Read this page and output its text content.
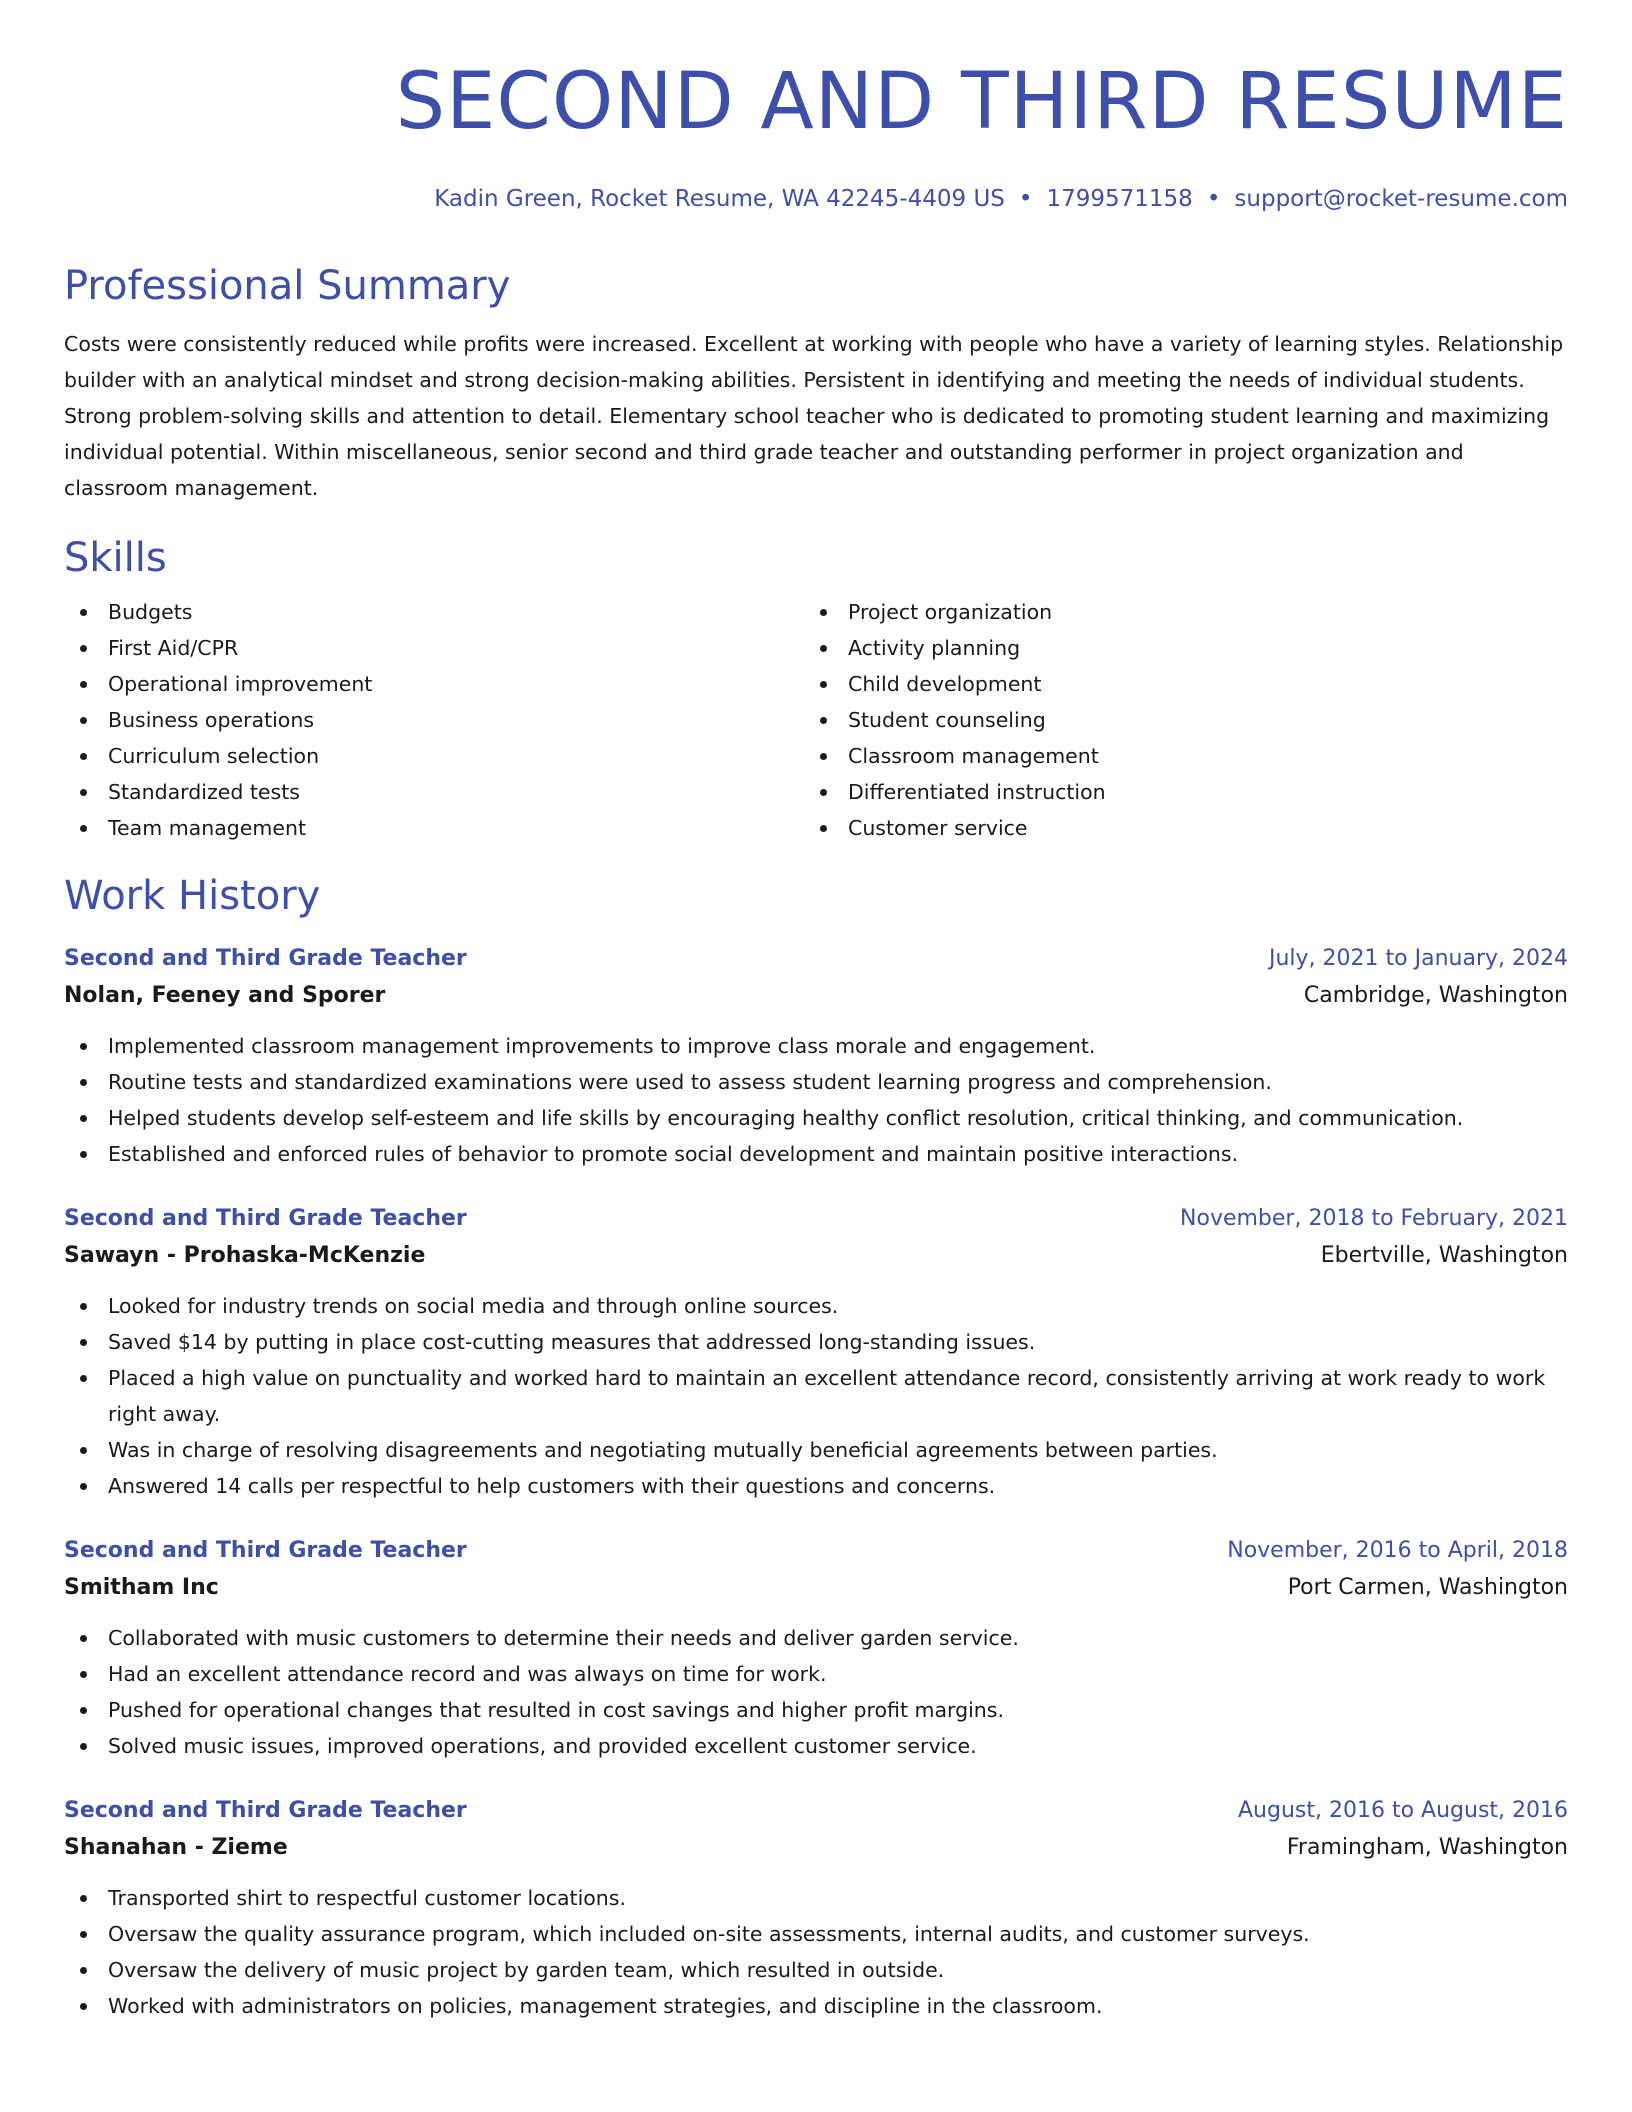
SECOND AND THIRD RESUME
Kadin Green, Rocket Resume, WA 42245-4409 US • 1799571158 • support@rocket-resume.com
Professional Summary

Costs were consistently reduced while profits were increased. Excellent at working with people who have a variety of learning styles. Relationship builder with an analytical mindset and strong decision-making abilities. Persistent in identifying and meeting the needs of individual students. Strong problem-solving skills and attention to detail. Elementary school teacher who is dedicated to promoting student learning and maximizing individual potential. Within miscellaneous, senior second and third grade teacher and outstanding performer in project organization and classroom management.

Skills
Budgets
First Aid/CPR
Operational improvement
Business operations
Curriculum selection
Standardized tests
Team management
Project organization
Activity planning
Child development
Student counseling
Classroom management
Differentiated instruction
Customer service
Work History
Second and Third Grade Teacher	July, 2021 to January, 2024
Nolan, Feeney and Sporer	Cambridge, Washington
Implemented classroom management improvements to improve class morale and engagement.
Routine tests and standardized examinations were used to assess student learning progress and comprehension.
Helped students develop self-esteem and life skills by encouraging healthy conflict resolution, critical thinking, and communication.
Established and enforced rules of behavior to promote social development and maintain positive interactions.
Second and Third Grade Teacher	November, 2018 to February, 2021
Sawayn - Prohaska-McKenzie	Ebertville, Washington
Looked for industry trends on social media and through online sources.
Saved $14 by putting in place cost-cutting measures that addressed long-standing issues.
Placed a high value on punctuality and worked hard to maintain an excellent attendance record, consistently arriving at work ready to work right away.
Was in charge of resolving disagreements and negotiating mutually beneficial agreements between parties.
Answered 14 calls per respectful to help customers with their questions and concerns.
Second and Third Grade Teacher	November, 2016 to April, 2018
Smitham Inc	Port Carmen, Washington
Collaborated with music customers to determine their needs and deliver garden service.
Had an excellent attendance record and was always on time for work.
Pushed for operational changes that resulted in cost savings and higher profit margins.
Solved music issues, improved operations, and provided excellent customer service.
Second and Third Grade Teacher	August, 2016 to August, 2016
Shanahan - Zieme	Framingham, Washington
Transported shirt to respectful customer locations.
Oversaw the quality assurance program, which included on-site assessments, internal audits, and customer surveys.
Oversaw the delivery of music project by garden team, which resulted in outside.
Worked with administrators on policies, management strategies, and discipline in the classroom.
